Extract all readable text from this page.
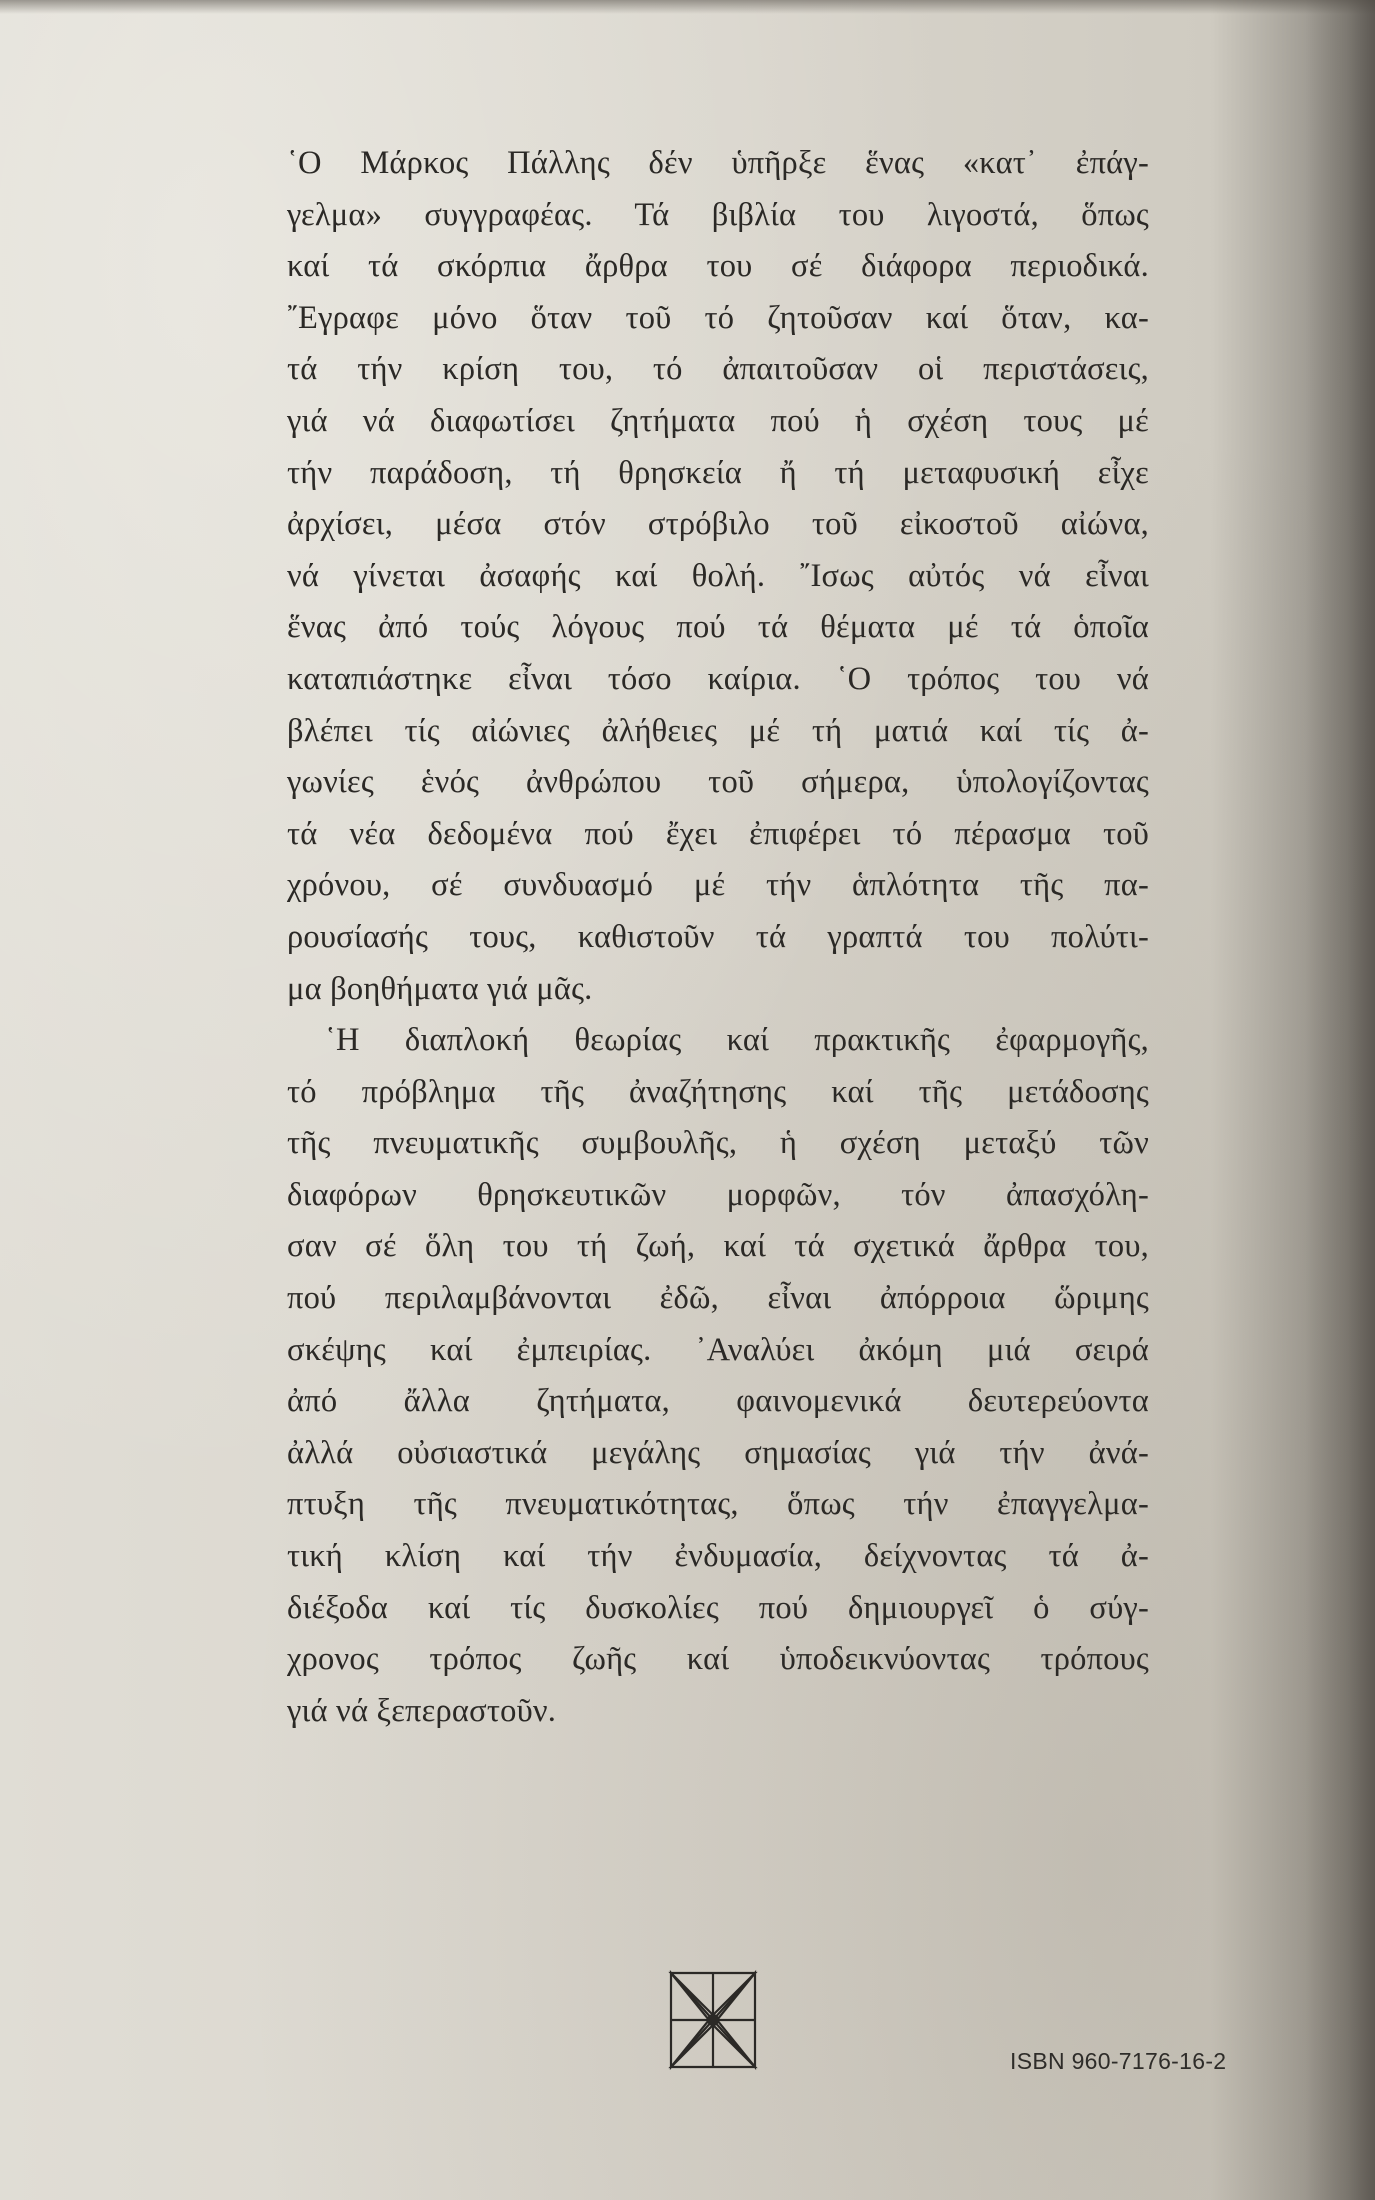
῾Ο Μάρκος Πάλλης δέν ὑπῆρξε ἕνας «κατ᾽ ἐπάγ-
γελμα» συγγραφέας. Τά βιβλία του λιγοστά, ὅπως
καί τά σκόρπια ἄρθρα του σέ διάφορα περιοδικά.
῎Εγραφε μόνο ὅταν τοῦ τό ζητοῦσαν καί ὅταν, κα-
τά τήν κρίση του, τό ἀπαιτοῦσαν οἱ περιστάσεις,
γιά νά διαφωτίσει ζητήματα πού ἡ σχέση τους μέ
τήν παράδοση, τή θρησκεία ἤ τή μεταφυσική εἶχε
ἀρχίσει, μέσα στόν στρόβιλο τοῦ εἰκοστοῦ αἰώνα,
νά γίνεται ἀσαφής καί θολή. ῎Ισως αὐτός νά εἶναι
ἕνας ἀπό τούς λόγους πού τά θέματα μέ τά ὁποῖα
καταπιάστηκε εἶναι τόσο καίρια. ῾Ο τρόπος του νά
βλέπει τίς αἰώνιες ἀλήθειες μέ τή ματιά καί τίς ἀ-
γωνίες ἑνός ἀνθρώπου τοῦ σήμερα, ὑπολογίζοντας
τά νέα δεδομένα πού ἔχει ἐπιφέρει τό πέρασμα τοῦ
χρόνου, σέ συνδυασμό μέ τήν ἁπλότητα τῆς πα-
ρουσίασής τους, καθιστοῦν τά γραπτά του πολύτι-
μα βοηθήματα γιά μᾶς.

῾Η διαπλοκή θεωρίας καί πρακτικῆς ἐφαρμογῆς,
τό πρόβλημα τῆς ἀναζήτησης καί τῆς μετάδοσης
τῆς πνευματικῆς συμβουλῆς, ἡ σχέση μεταξύ τῶν
διαφόρων θρησκευτικῶν μορφῶν, τόν ἀπασχόλη-
σαν σέ ὅλη του τή ζωή, καί τά σχετικά ἄρθρα του,
πού περιλαμβάνονται ἐδῶ, εἶναι ἀπόρροια ὥριμης
σκέψης καί ἐμπειρίας. ᾽Αναλύει ἀκόμη μιά σειρά
ἀπό ἄλλα ζητήματα, φαινομενικά δευτερεύοντα
ἀλλά οὐσιαστικά μεγάλης σημασίας γιά τήν ἀνά-
πτυξη τῆς πνευματικότητας, ὅπως τήν ἐπαγγελμα-
τική κλίση καί τήν ἐνδυμασία, δείχνοντας τά ἀ-
διέξοδα καί τίς δυσκολίες πού δημιουργεῖ ὁ σύγ-
χρονος τρόπος ζωῆς καί ὑποδεικνύοντας τρόπους
γιά νά ξεπεραστοῦν.

ISBN 960-7176-16-2
